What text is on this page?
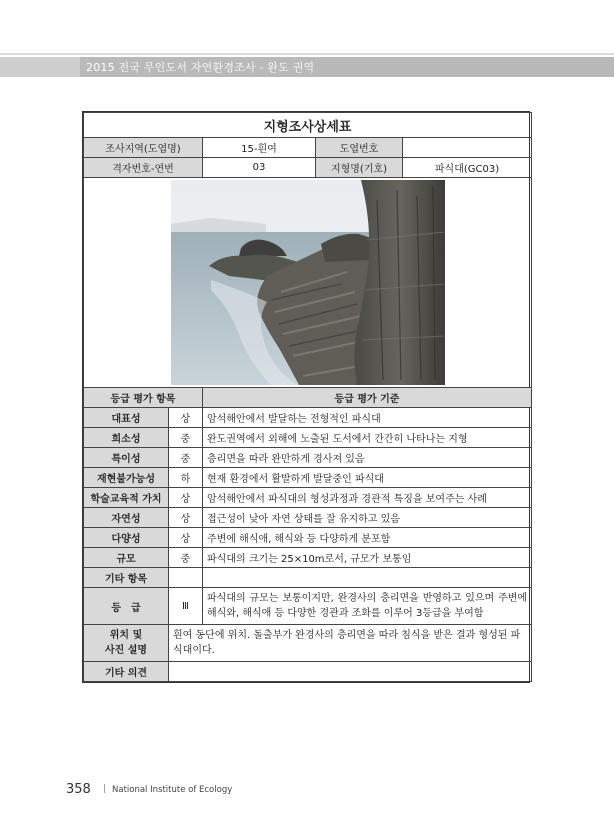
2015 전국 무인도서 자연환경조사 - 완도 권역
지형조사상세표				
조사지역(도엽명)		15-흰여	도엽번호	
격자번호-연번		03	지형명(기호)	파식대(GC03)

등급 평가 항목		등급 평가 기준		
대표성	상	암석해안에서 발달하는 전형적인 파식대		
희소성	중	완도권역에서 외해에 노출된 도서에서 간간히 나타나는 지형		
특이성	중	층리면을 따라 완만하게 경사져 있음		
재현불가능성	하	현재 환경에서 활발하게 발달중인 파식대		
학술교육적 가치	상	암석해안에서 파식대의 형성과정과 경관적 특징을 보여주는 사례		
자연성	상	접근성이 낮아 자연 상태를 잘 유지하고 있음		
다양성	상	주변에 해식애, 해식와 등 다양하게 분포함		
규모	중	파식대의 크기는 25×10m로서, 규모가 보통임		
기타 항목				
등　급	Ⅲ	파식대의 규모는 보통이지만, 완경사의 층리면을 반영하고 있으며 주변에 해식와, 해식애 등 다양한 경관과 조화를 이루어 3등급을 부여함		
위치 및
사진 설명	흰여 동단에 위치. 돌출부가 완경사의 층리면을 따라 침식을 받은 결과 형성된 파식대이다.			
기타 의견				
358 | National Institute of Ecology
